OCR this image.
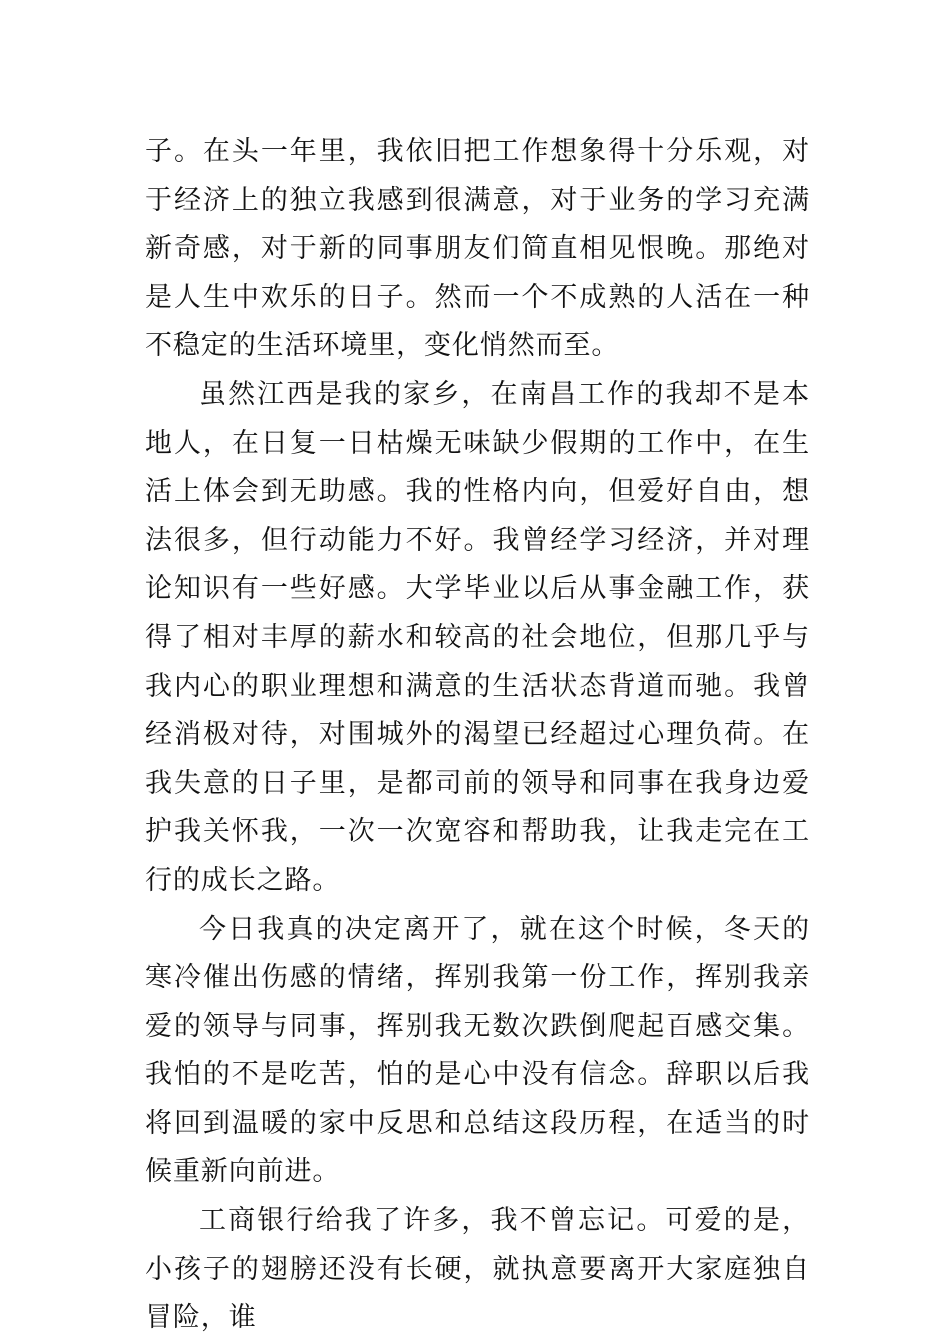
子。在头一年里，我依旧把工作想象得十分乐观，对于经济上的独立我感到很满意，对于业务的学习充满新奇感，对于新的同事朋友们简直相见恨晚。那绝对是人生中欢乐的日子。然而一个不成熟的人活在一种不稳定的生活环境里，变化悄然而至。

虽然江西是我的家乡，在南昌工作的我却不是本地人，在日复一日枯燥无味缺少假期的工作中，在生活上体会到无助感。我的性格内向，但爱好自由，想法很多，但行动能力不好。我曾经学习经济，并对理论知识有一些好感。大学毕业以后从事金融工作，获得了相对丰厚的薪水和较高的社会地位，但那几乎与我内心的职业理想和满意的生活状态背道而驰。我曾经消极对待，对围城外的渴望已经超过心理负荷。在我失意的日子里，是都司前的领导和同事在我身边爱护我关怀我，一次一次宽容和帮助我，让我走完在工行的成长之路。

今日我真的决定离开了，就在这个时候，冬天的寒冷催出伤感的情绪，挥别我第一份工作，挥别我亲爱的领导与同事，挥别我无数次跌倒爬起百感交集。我怕的不是吃苦，怕的是心中没有信念。辞职以后我将回到温暖的家中反思和总结这段历程，在适当的时候重新向前进。

工商银行给我了许多，我不曾忘记。可爱的是，小孩子的翅膀还没有长硬，就执意要离开大家庭独自冒险，谁
